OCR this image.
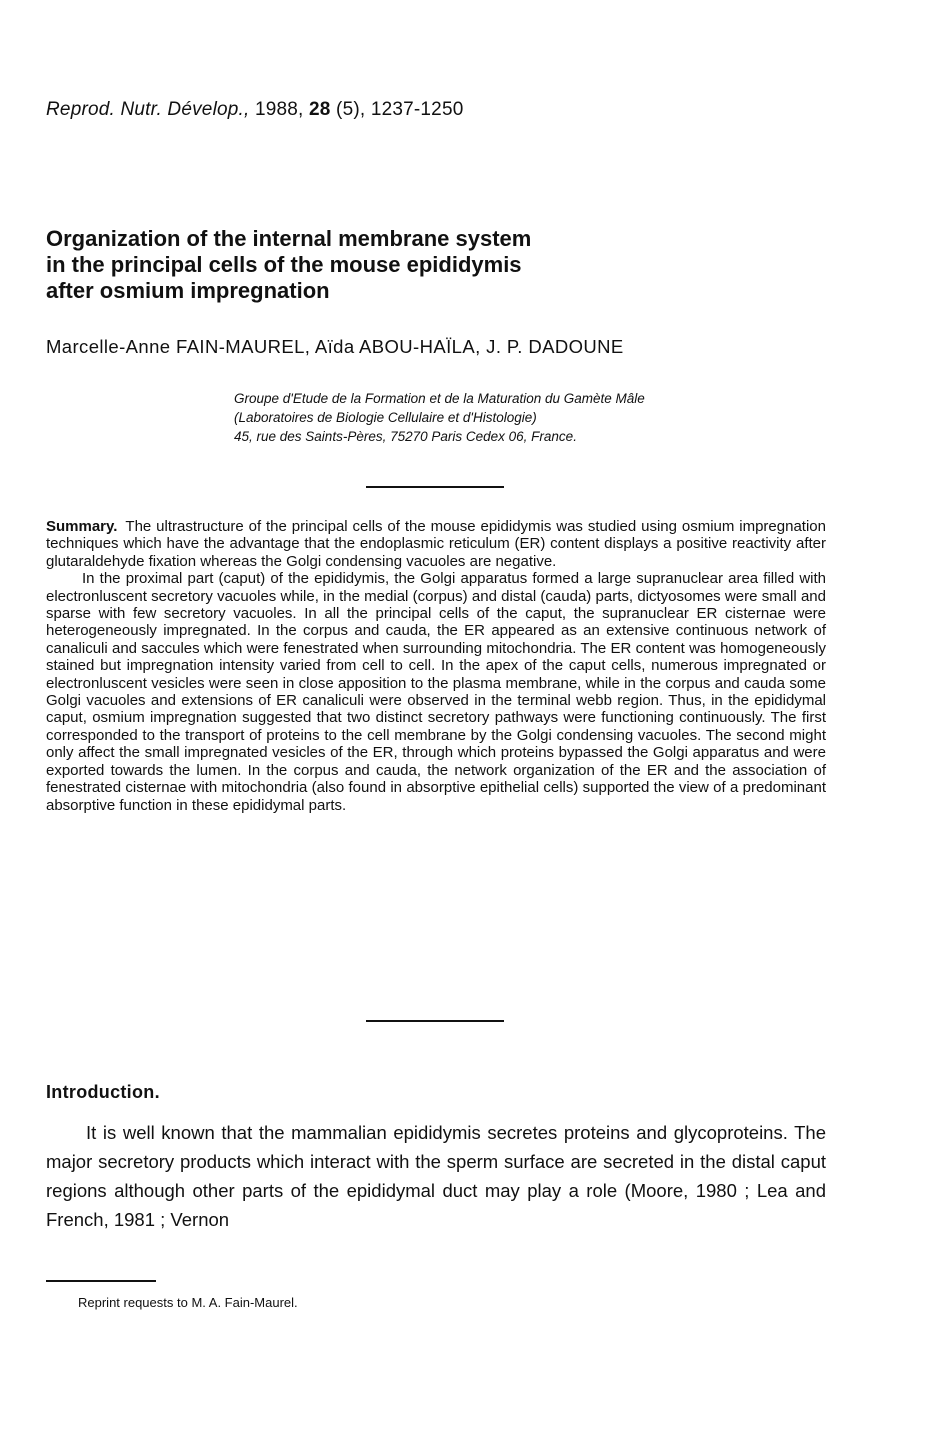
Reprod. Nutr. Dévelop., 1988, 28 (5), 1237-1250
Organization of the internal membrane system
in the principal cells of the mouse epididymis
after osmium impregnation
Marcelle-Anne FAIN-MAUREL, Aïda ABOU-HAÏLA, J. P. DADOUNE
Groupe d'Etude de la Formation et de la Maturation du Gamète Mâle
(Laboratoires de Biologie Cellulaire et d'Histologie)
45, rue des Saints-Pères, 75270 Paris Cedex 06, France.

Summary. The ultrastructure of the principal cells of the mouse epididymis was studied using osmium impregnation techniques which have the advantage that the endoplasmic reticulum (ER) content displays a positive reactivity after glutaraldehyde fixation whereas the Golgi condensing vacuoles are negative.

In the proximal part (caput) of the epididymis, the Golgi apparatus formed a large supranuclear area filled with electronluscent secretory vacuoles while, in the medial (corpus) and distal (cauda) parts, dictyosomes were small and sparse with few secretory vacuoles. In all the principal cells of the caput, the supranuclear ER cisternae were heterogeneously impregnated. In the corpus and cauda, the ER appeared as an extensive continuous network of canaliculi and saccules which were fenestrated when surrounding mitochondria. The ER content was homogeneously stained but impregnation intensity varied from cell to cell. In the apex of the caput cells, numerous impregnated or electronluscent vesicles were seen in close apposition to the plasma membrane, while in the corpus and cauda some Golgi vacuoles and extensions of ER canaliculi were observed in the terminal webb region. Thus, in the epididymal caput, osmium impregnation suggested that two distinct secretory pathways were functioning continuously. The first corresponded to the transport of proteins to the cell membrane by the Golgi condensing vacuoles. The second might only affect the small impregnated vesicles of the ER, through which proteins bypassed the Golgi apparatus and were exported towards the lumen. In the corpus and cauda, the network organization of the ER and the association of fenestrated cisternae with mitochondria (also found in absorptive epithelial cells) supported the view of a predominant absorptive function in these epididymal parts.

Introduction.

It is well known that the mammalian epididymis secretes proteins and glycoproteins. The major secretory products which interact with the sperm surface are secreted in the distal caput regions although other parts of the epididymal duct may play a role (Moore, 1980 ; Lea and French, 1981 ; Vernon

Reprint requests to M. A. Fain-Maurel.
